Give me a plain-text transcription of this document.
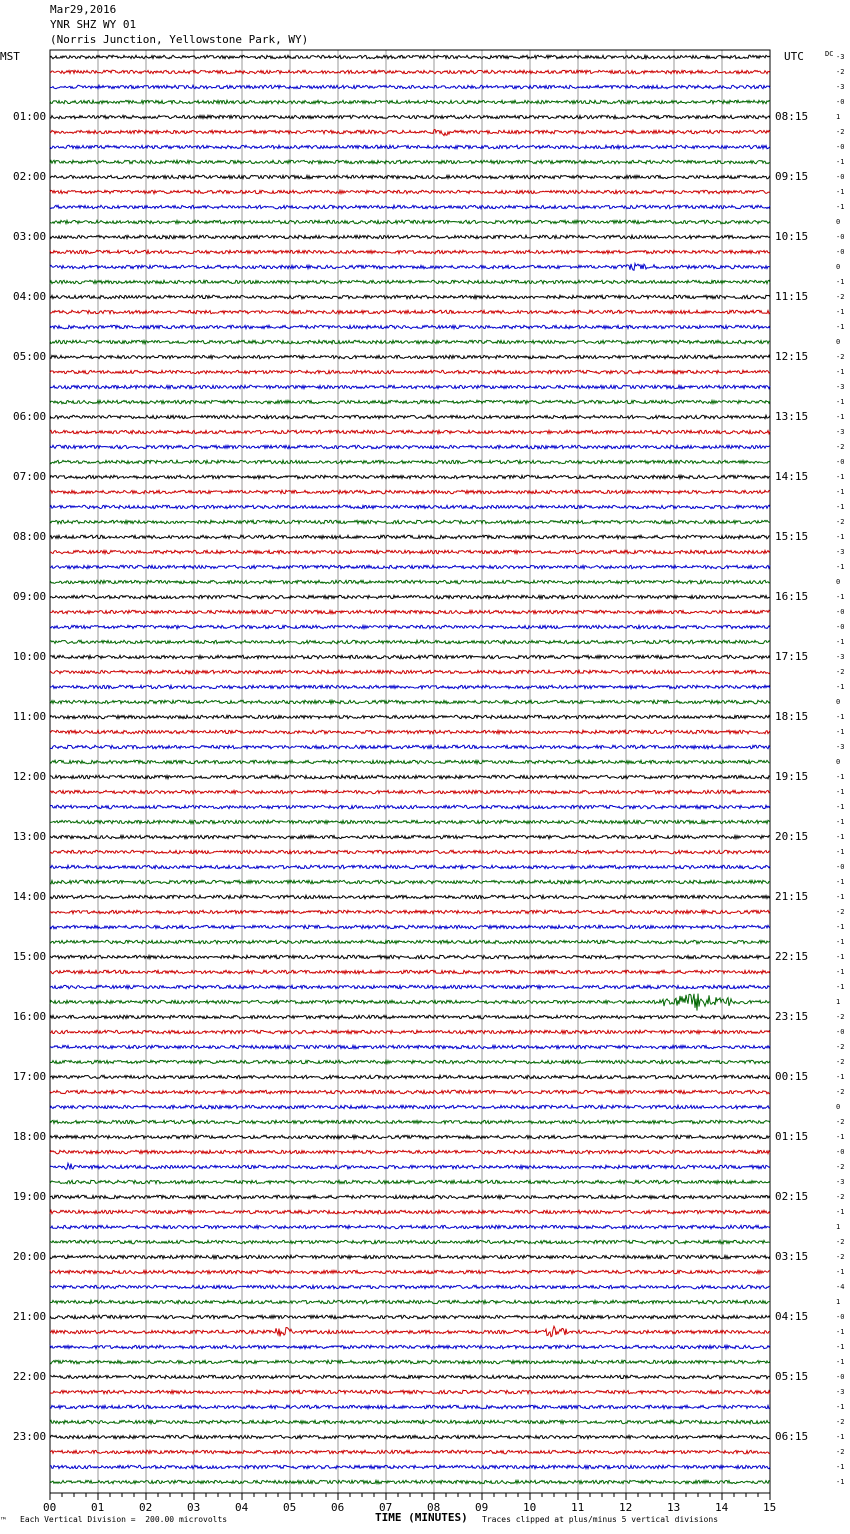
Mar29,2016
YNR SHZ WY 01
(Norris Junction, Yellowstone Park, WY)
MST	UTC	DC -3
-2
-3
-0
1
-2
-0
-1
-0
-1
-1
0
-0
-0
0
-1
-2
-1
-1
0
-2
-1
-3
-1
-1
-3
-2
-0
-1
-1
-1
-2
-1
-3
-1
0
-1
-0
-0
-1
-3
-2
-1
0
-1
-1
-3
0
-1
-1
-1
-1
-1
-1
-0
-1
-1
-2
-1
-1
-1
-1
-1
1
-2
-0
-2
-2
-1
-2
0
-2
-1
-0
-2
-3
-2
-1
1
-2
-2
-1
-4
1
-0
-1
-1
-1
-0
-3
-1
-2
-1
-2
-1
-1
01:00
02:00
03:00
04:00
05:00
06:00
07:00
08:00
09:00
10:00
11:00
12:00
13:00
14:00
15:00
16:00
17:00
18:00
19:00
20:00
21:00
22:00
23:00
08:15
09:15
10:15
11:15
12:15
13:15
14:15
15:15
16:15
17:15
18:15
19:15
20:15
21:15
22:15
23:15
00:15
01:15
02:15
03:15
04:15
05:15
06:15
00	01	02	03	04	05	06	07	08	09	10	11	12	13	14	15
TIME (MINUTES)
Each Vertical Division =  200.00 microvolts	Traces clipped at plus/minus 5 vertical divisions
™
